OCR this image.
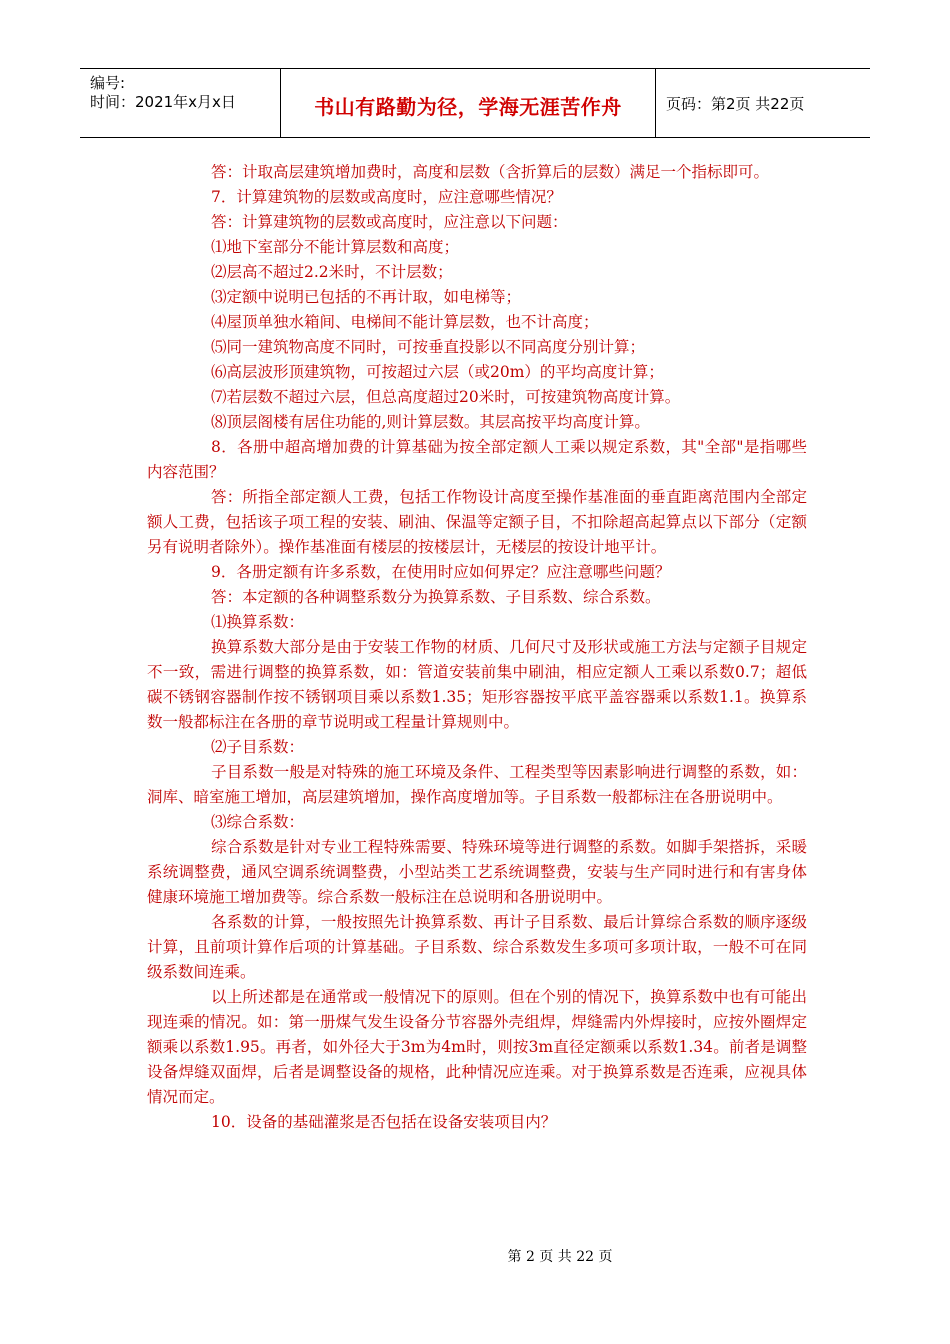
编号:
时间：2021年x月x日	书山有路勤为径，学海无涯苦作舟	页码：第2页 共22页

答：计取高层建筑增加费时，高度和层数（含折算后的层数）满足一个指标即可。

7．计算建筑物的层数或高度时，应注意哪些情况？

答：计算建筑物的层数或高度时，应注意以下问题：

⑴地下室部分不能计算层数和高度；

⑵层高不超过2.2米时，不计层数；

⑶定额中说明已包括的不再计取，如电梯等；

⑷屋顶单独水箱间、电梯间不能计算层数，也不计高度；

⑸同一建筑物高度不同时，可按垂直投影以不同高度分别计算；

⑹高层波形顶建筑物，可按超过六层（或20m）的平均高度计算；

⑺若层数不超过六层，但总高度超过20米时，可按建筑物高度计算。

⑻顶层阁楼有居住功能的,则计算层数。其层高按平均高度计算。

8．各册中超高增加费的计算基础为按全部定额人工乘以规定系数，其"全部"是指哪些内容范围？

答：所指全部定额人工费，包括工作物设计高度至操作基准面的垂直距离范围内全部定额人工费，包括该子项工程的安装、刷油、保温等定额子目，不扣除超高起算点以下部分（定额另有说明者除外）。操作基准面有楼层的按楼层计，无楼层的按设计地平计。

9．各册定额有许多系数，在使用时应如何界定？应注意哪些问题？

答：本定额的各种调整系数分为换算系数、子目系数、综合系数。

⑴换算系数：

换算系数大部分是由于安装工作物的材质、几何尺寸及形状或施工方法与定额子目规定不一致，需进行调整的换算系数，如：管道安装前集中刷油，相应定额人工乘以系数0.7；超低碳不锈钢容器制作按不锈钢项目乘以系数1.35；矩形容器按平底平盖容器乘以系数1.1。换算系数一般都标注在各册的章节说明或工程量计算规则中。

⑵子目系数：

子目系数一般是对特殊的施工环境及条件、工程类型等因素影响进行调整的系数，如：洞库、暗室施工增加，高层建筑增加，操作高度增加等。子目系数一般都标注在各册说明中。

⑶综合系数：

综合系数是针对专业工程特殊需要、特殊环境等进行调整的系数。如脚手架搭拆，采暖系统调整费，通风空调系统调整费，小型站类工艺系统调整费，安装与生产同时进行和有害身体健康环境施工增加费等。综合系数一般标注在总说明和各册说明中。

各系数的计算，一般按照先计换算系数、再计子目系数、最后计算综合系数的顺序逐级计算，且前项计算作后项的计算基础。子目系数、综合系数发生多项可多项计取，一般不可在同级系数间连乘。

以上所述都是在通常或一般情况下的原则。但在个别的情况下，换算系数中也有可能出现连乘的情况。如：第一册煤气发生设备分节容器外壳组焊，焊缝需内外焊接时，应按外圈焊定额乘以系数1.95。再者，如外径大于3m为4m时，则按3m直径定额乘以系数1.34。前者是调整设备焊缝双面焊，后者是调整设备的规格，此种情况应连乘。对于换算系数是否连乘，应视具体情况而定。

10．设备的基础灌浆是否包括在设备安装项目内？

第 2 页 共 22 页
